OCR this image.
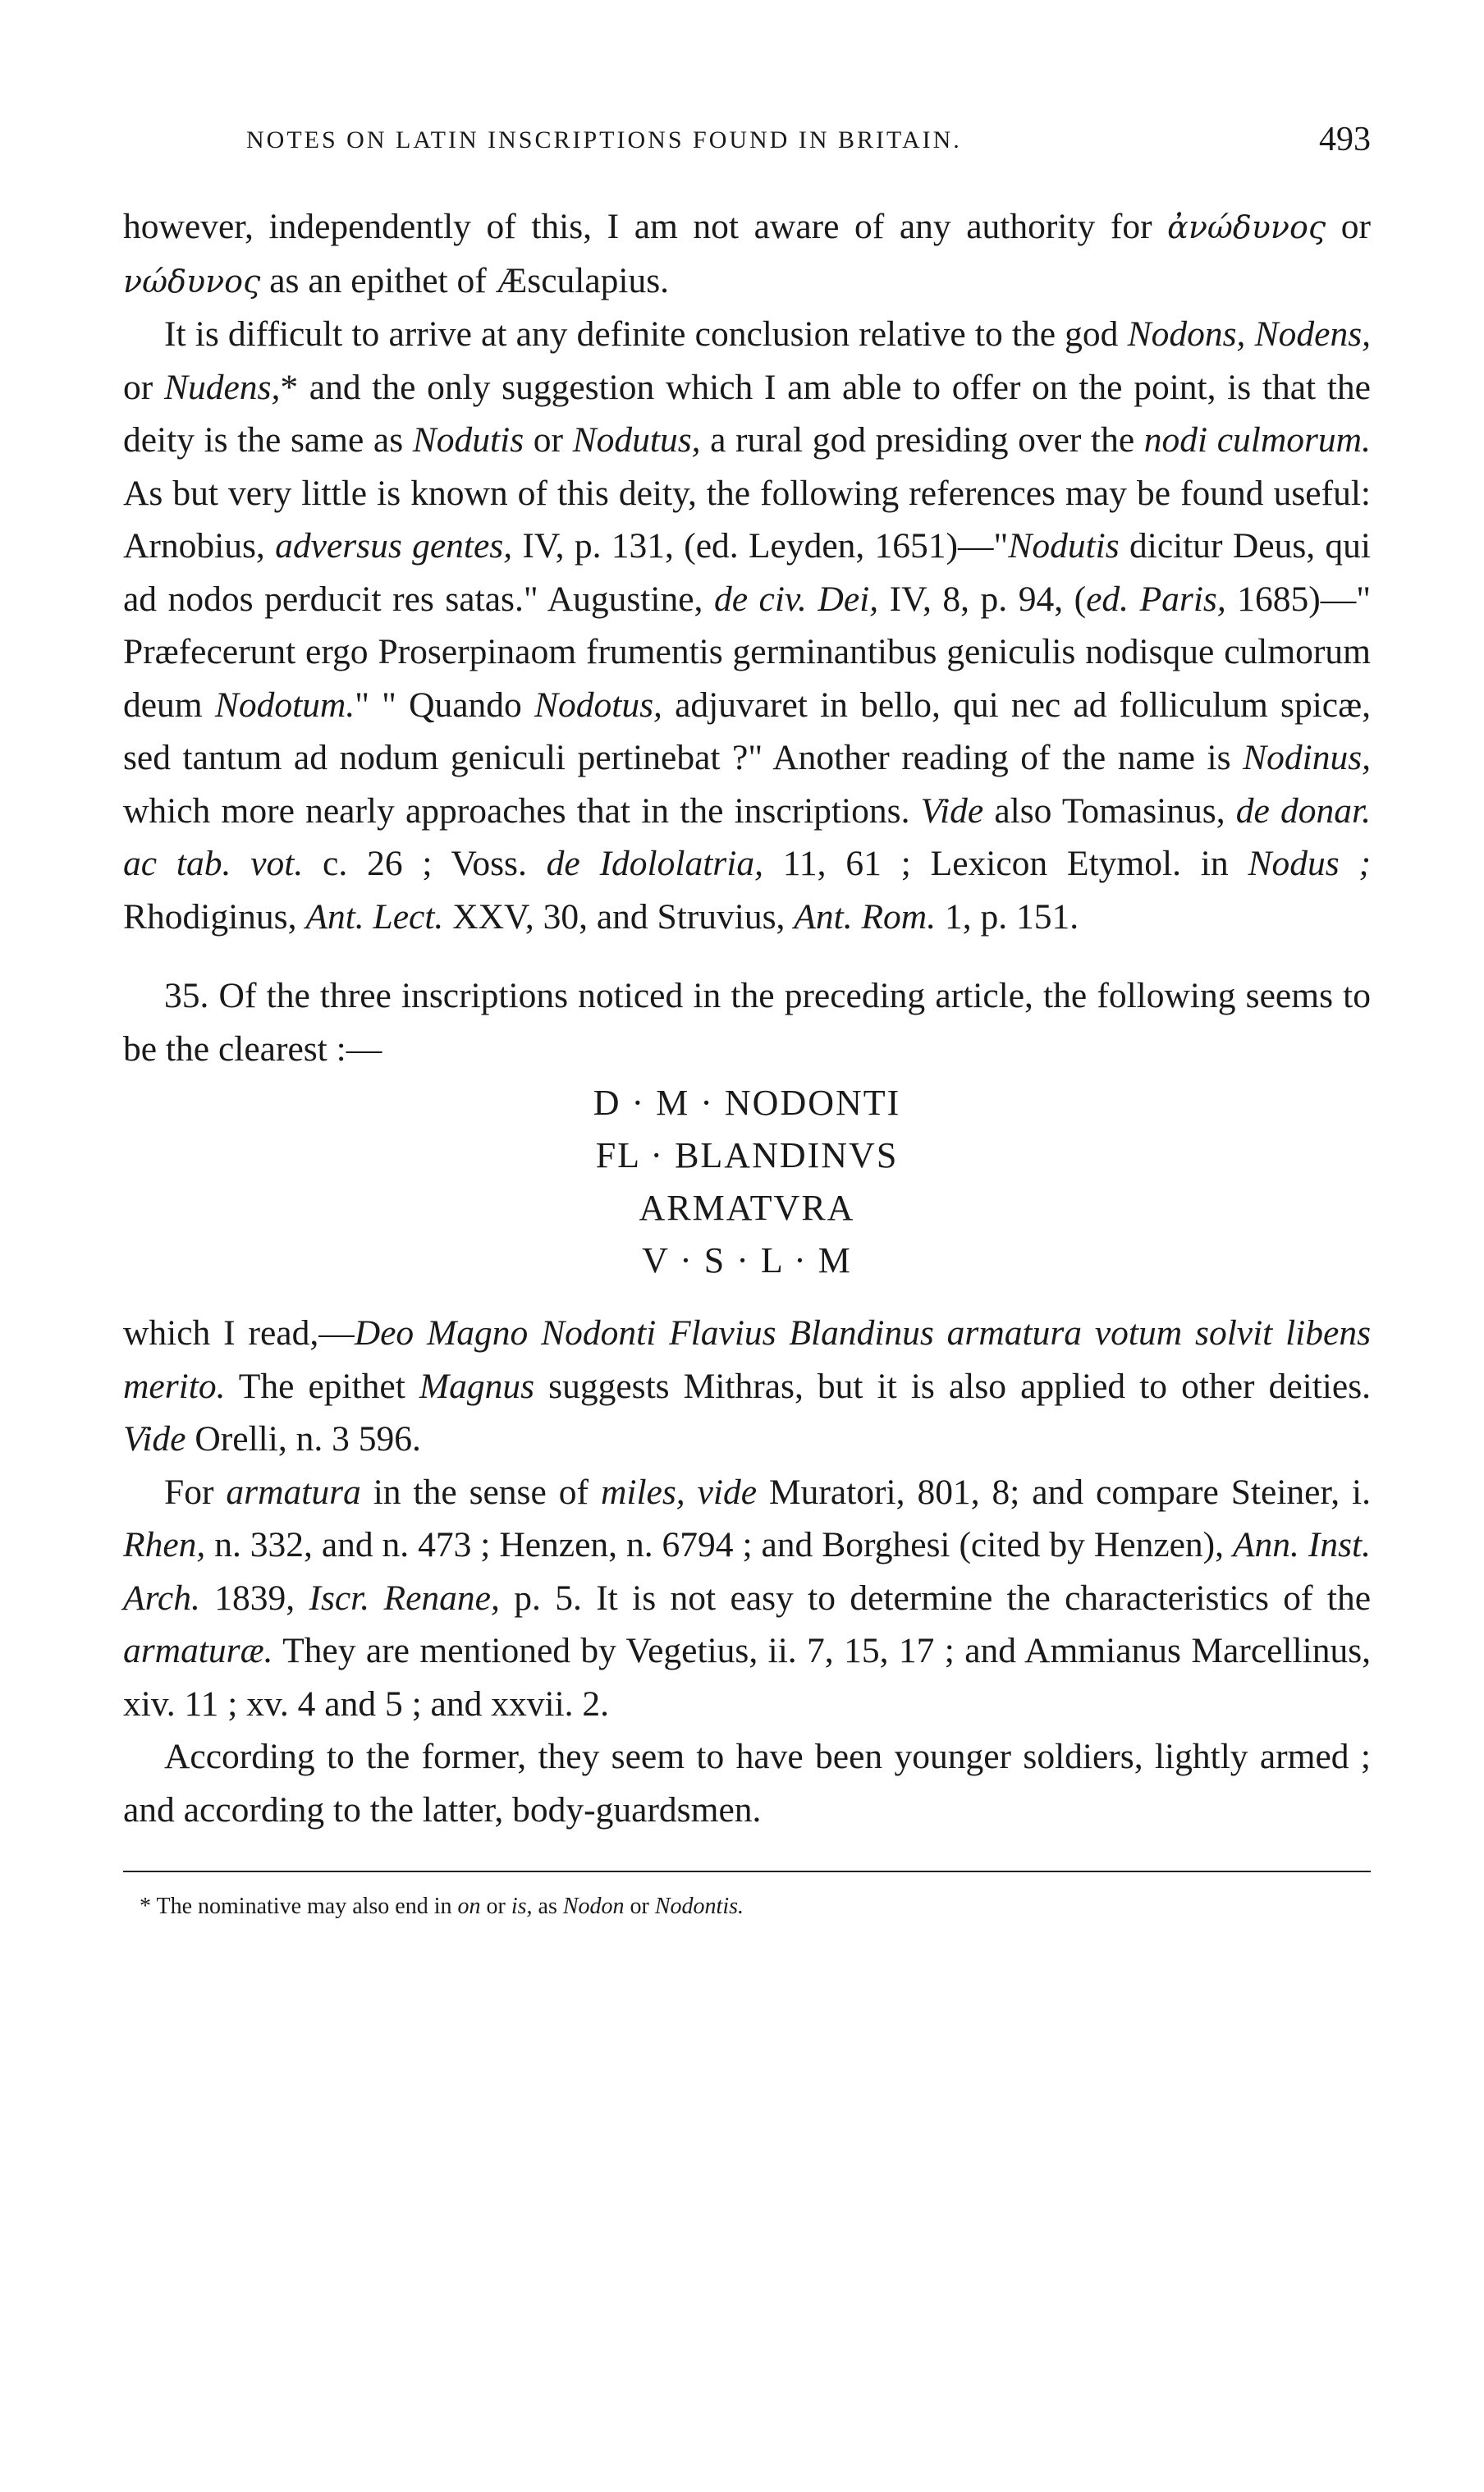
NOTES ON LATIN INSCRIPTIONS FOUND IN BRITAIN.	493

however, independently of this, I am not aware of any authority for ἀνώδυνος or νώδυνος as an epithet of Æsculapius.

It is difficult to arrive at any definite conclusion relative to the god Nodons, Nodens, or Nudens,* and the only suggestion which I am able to offer on the point, is that the deity is the same as Nodutis or Nodutus, a rural god presiding over the nodi culmorum. As but very little is known of this deity, the following references may be found useful: Arnobius, adversus gentes, IV, p. 131, (ed. Leyden, 1651)—"Nodutis dicitur Deus, qui ad nodos perducit res satas." Augustine, de civ. Dei, IV, 8, p. 94, (ed. Paris, 1685)—" Præfecerunt ergo Proserpinaom frumentis germinantibus geniculis nodisque culmorum deum Nodotum." " Quando Nodotus, adjuvaret in bello, qui nec ad folliculum spicæ, sed tantum ad nodum geniculi pertinebat ?" Another reading of the name is Nodinus, which more nearly approaches that in the inscriptions. Vide also Tomasinus, de donar. ac tab. vot. c. 26 ; Voss. de Idololatria, 11, 61 ; Lexicon Etymol. in Nodus ; Rhodiginus, Ant. Lect. XXV, 30, and Struvius, Ant. Rom. 1, p. 151.

35. Of the three inscriptions noticed in the preceding article, the following seems to be the clearest :—

D · M · NODONTI
FL · BLANDINVS
ARMATVRA
V · S · L · M

which I read,—Deo Magno Nodonti Flavius Blandinus armatura votum solvit libens merito. The epithet Magnus suggests Mithras, but it is also applied to other deities. Vide Orelli, n. 3 596.

For armatura in the sense of miles, vide Muratori, 801, 8; and compare Steiner, i. Rhen, n. 332, and n. 473 ; Henzen, n. 6794 ; and Borghesi (cited by Henzen), Ann. Inst. Arch. 1839, Iscr. Renane, p. 5. It is not easy to determine the characteristics of the armaturæ. They are mentioned by Vegetius, ii. 7, 15, 17 ; and Ammianus Marcellinus, xiv. 11 ; xv. 4 and 5 ; and xxvii. 2.

According to the former, they seem to have been younger soldiers, lightly armed ; and according to the latter, body-guardsmen.

* The nominative may also end in on or is, as Nodon or Nodontis.
